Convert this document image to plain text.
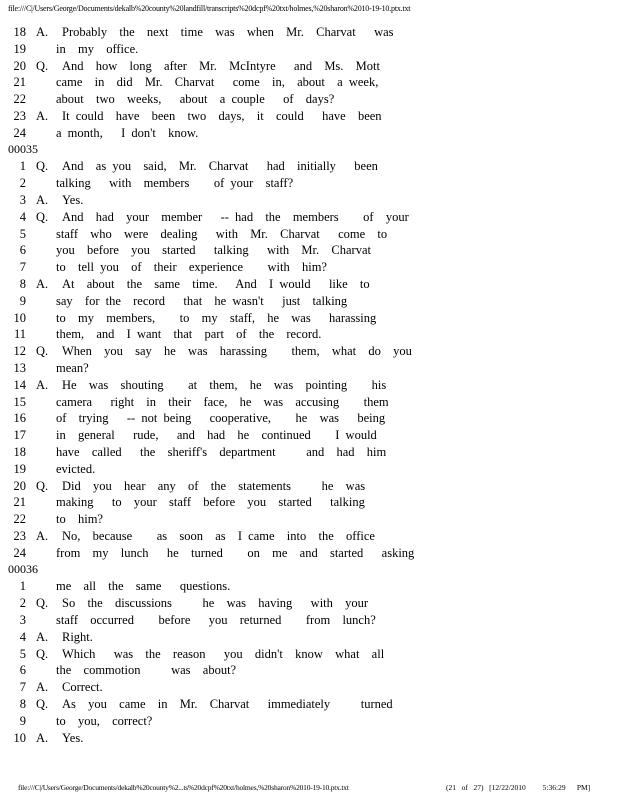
file:///C|/Users/George/Documents/dekalb%20county%20landfill/transcripts%20dcpf%20txt/holmes,%20sharon%2010-19-10.ptx.txt
18 A. Probably  the  next  time  was  when  Mr.  Charvat   was
19 in  my  office.
20 Q. And  how  long  after  Mr.  McIntyre   and  Ms.  Mott
21 came  in  did  Mr.  Charvat   come  in,  about  a week,
22 about  two  weeks,   about  a couple   of  days?
23 A. It could  have  been  two  days,  it  could   have  been
24 a month,   I don't  know.
00035
1 Q. And  as you  said,  Mr.  Charvat   had  initially   been
2 talking   with  members    of your  staff?
3 A. Yes.
4 Q. And  had  your  member   -- had  the  members    of  your
5 staff  who  were  dealing   with  Mr.  Charvat   come  to
6 you  before  you  started   talking   with  Mr.  Charvat
7 to  tell you  of  their  experience    with  him?
8 A. At  about  the  same  time.   And  I would   like  to
9 say  for the  record   that  he wasn't   just  talking
10 to  my  members,    to  my  staff,  he  was   harassing
11 them,  and  I want  that  part  of  the  record.
12 Q. When  you  say  he  was  harassing    them,  what  do  you
13 mean?
14 A. He  was  shouting    at  them,  he  was  pointing    his
15 camera   right  in  their  face,  he  was  accusing    them
16 of  trying   -- not being   cooperative,    he  was   being
17 in  general   rude,   and  had  he  continued    I would
18 have  called   the  sheriff's  department     and  had  him
19 evicted.
20 Q. Did  you  hear  any  of  the  statements     he  was
21 making   to  your  staff  before  you  started   talking
22 to  him?
23 A. No,  because    as  soon  as  I came  into  the  office
24 from  my  lunch   he  turned    on  me  and  started   asking
00036
1 me  all  the  same   questions.
2 Q. So  the  discussions     he  was  having   with  your
3 staff  occurred    before   you  returned    from  lunch?
4 A. Right.
5 Q. Which   was  the  reason   you  didn't  know  what  all
6 the  commotion     was  about?
7 A. Correct.
8 Q. As  you  came  in  Mr.  Charvat   immediately     turned
9 to  you,  correct?
10 A. Yes.
file:///C|/Users/George/Documents/dekalb%20county%2...ts%20dcpf%20txt/holmes,%20sharon%2010-19-10.ptx.txt	(21   of   27)   [12/22/2010         5:36:29      PM]
